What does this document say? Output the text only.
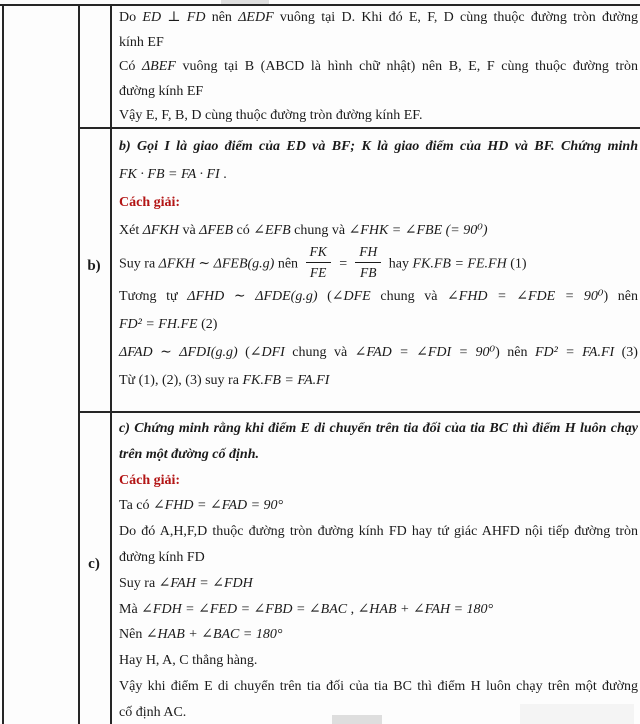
b)
c)
Do ED ⊥ FD nên ΔEDF vuông tại D. Khi đó E, F, D cùng thuộc đường tròn đường
kính EF
Có ΔBEF vuông tại B (ABCD là hình chữ nhật) nên B, E, F cùng thuộc đường tròn
đường kính EF
Vậy E, F, B, D cùng thuộc đường tròn đường kính EF.
b) Gọi I là giao điểm của ED và BF; K là giao điểm của HD và BF. Chứng minh
FK · FB = FA · FI .
Cách giải:
Xét ΔFKH và ΔFEB có ∠EFB chung và ∠FHK = ∠FBE (= 90⁰)
Suy ra ΔFKH ∼ ΔFEB(g.g) nên $\frac{FK}{FE} = \frac{FH}{FB}$ hay FK.FB = FE.FH (1)
Tương tự ΔFHD ∼ ΔFDE(g.g) (∠DFE chung và ∠FHD = ∠FDE = 90⁰) nên
FD² = FH.FE (2)
ΔFAD ∼ ΔFDI(g.g) (∠DFI chung và ∠FAD = ∠FDI = 90⁰) nên FD² = FA.FI (3)
Từ (1), (2), (3) suy ra FK.FB = FA.FI
c) Chứng minh rằng khi điểm E di chuyển trên tia đối của tia BC thì điểm H luôn chạy
trên một đường cố định.
Cách giải:
Ta có ∠FHD = ∠FAD = 90°
Do đó A,H,F,D thuộc đường tròn đường kính FD hay tứ giác AHFD nội tiếp đường tròn
đường kính FD
Suy ra ∠FAH = ∠FDH
Mà ∠FDH = ∠FED = ∠FBD = ∠BAC , ∠HAB + ∠FAH = 180°
Nên ∠HAB + ∠BAC = 180°
Hay H, A, C thẳng hàng.
Vậy khi điểm E di chuyển trên tia đối của tia BC thì điểm H luôn chạy trên một đường
cố định AC.
